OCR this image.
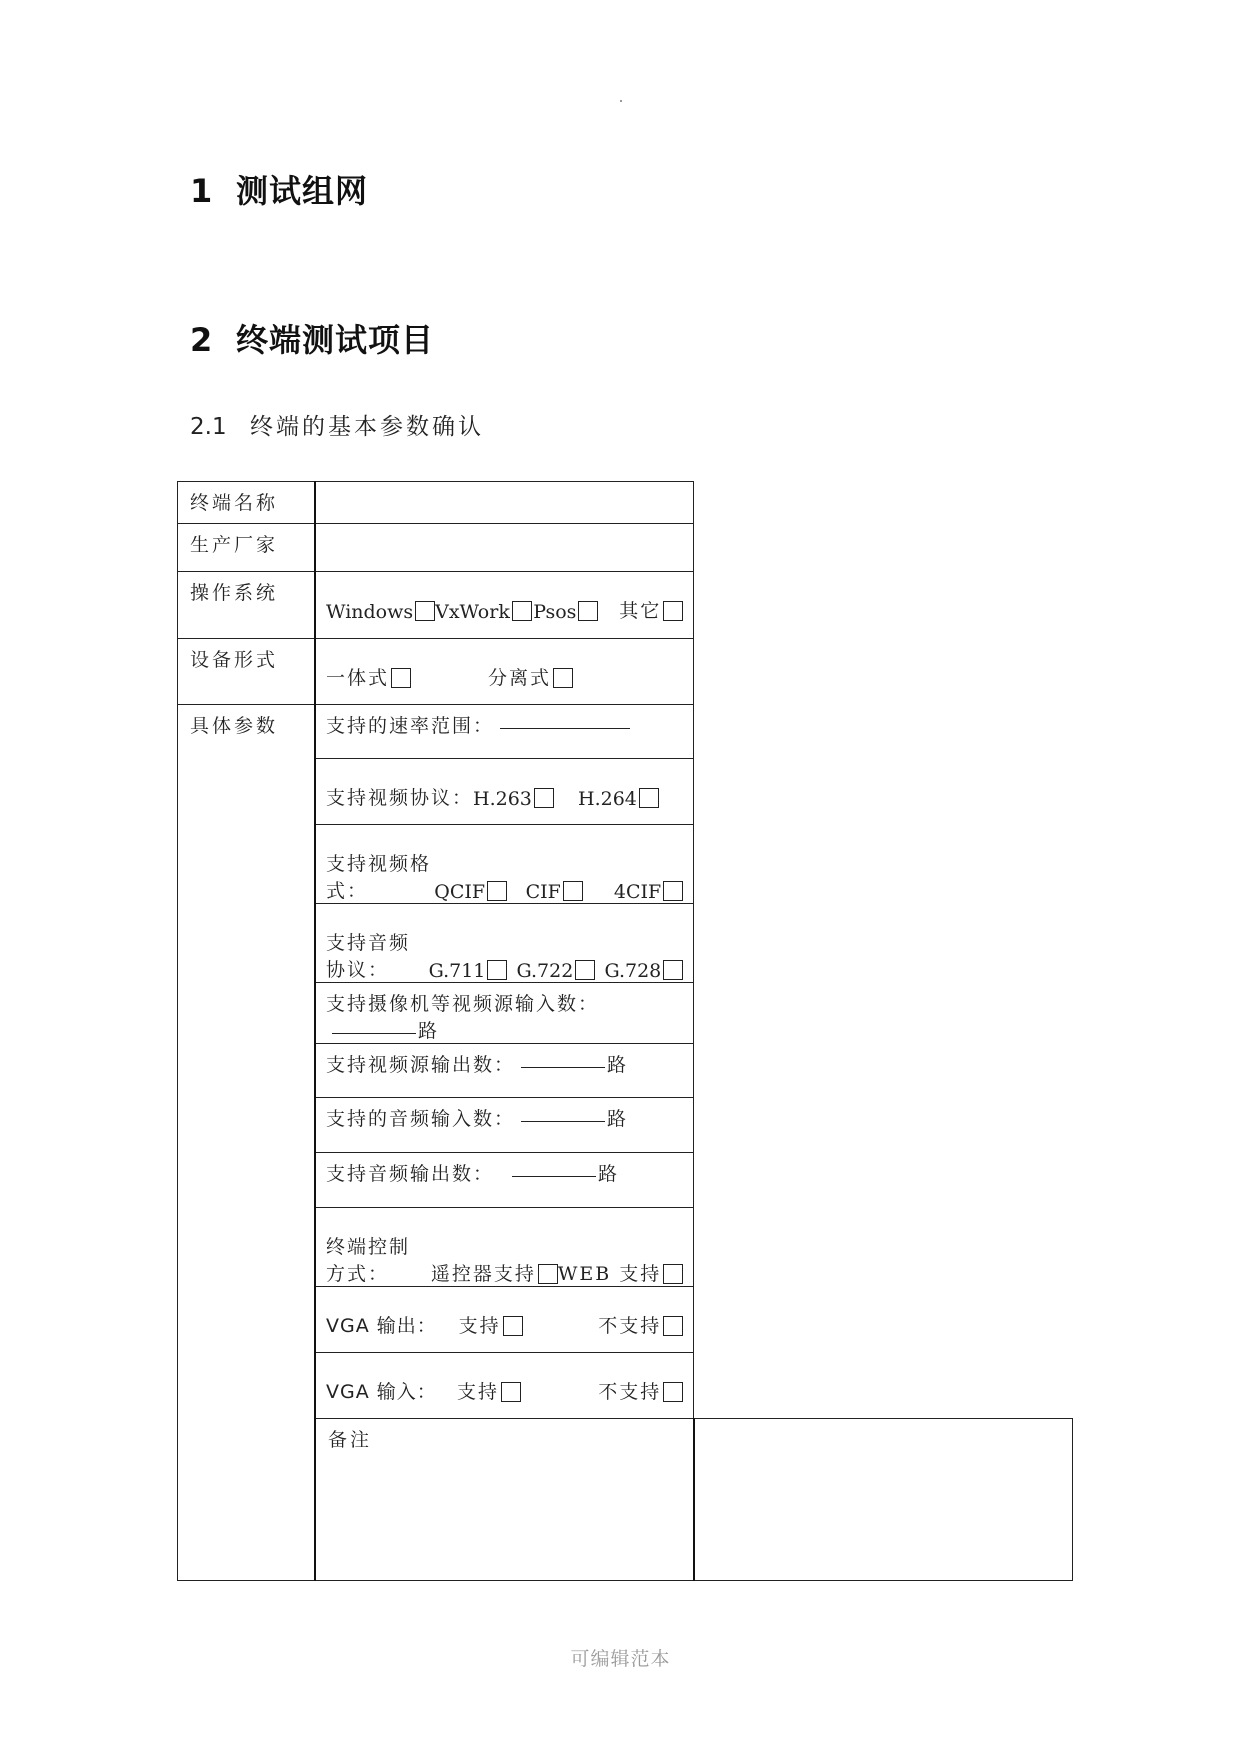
1 测试组网
2 终端测试项目
2.1 终端的基本参数确认
终端名称		
生产厂家		
操作系统	Windows VxWork Psos 其它	

设备形式	一体式 分离式	

具体参数	支持的速率范围：	

	支持视频协议： H.263 H.264	

	支持视频格式： QCIF CIF 4CIF	

	支持音频协议： G.711 G.722 G.728	

	支持摄像机等视频源输入数：路	

	支持视频源输出数： 路	

	支持的音频输入数： 路	

	支持音频输出数： 路	

	终端控制方式： 遥控器支持 WEB 支持	

	VGA 输出： 支持 不支持	

	VGA 输入： 支持 不支持	

	备注	
可编辑范本
